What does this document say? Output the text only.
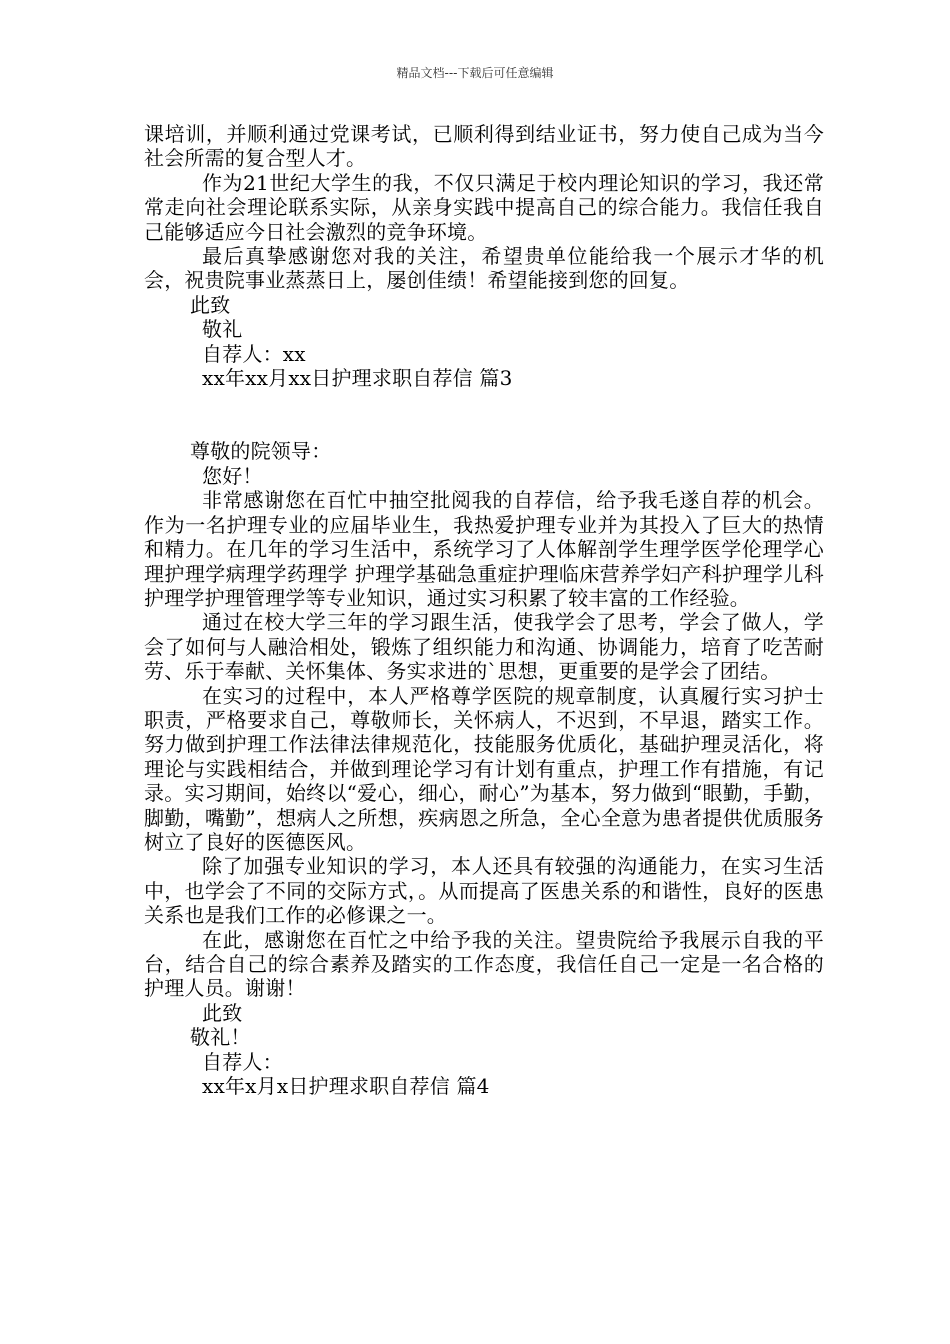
精品文档---下载后可任意编辑

课培训，并顺利通过党课考试，已顺利得到结业证书，努力使自己成为当今社会所需的复合型人才。

作为21世纪大学生的我，不仅只满足于校内理论知识的学习，我还常常走向社会理论联系实际，从亲身实践中提高自己的综合能力。我信任我自己能够适应今日社会激烈的竞争环境。

最后真挚感谢您对我的关注，希望贵单位能给我一个展示才华的机会，祝贵院事业蒸蒸日上，屡创佳绩！希望能接到您的回复。

此致

敬礼

自荐人：xx

xx年xx月xx日护理求职自荐信 篇3

尊敬的院领导：

您好！

非常感谢您在百忙中抽空批阅我的自荐信，给予我毛遂自荐的机会。作为一名护理专业的应届毕业生，我热爱护理专业并为其投入了巨大的热情和精力。在几年的学习生活中，系统学习了人体解剖学生理学医学伦理学心理护理学病理学药理学 护理学基础急重症护理临床营养学妇产科护理学儿科护理学护理管理学等专业知识，通过实习积累了较丰富的工作经验。

通过在校大学三年的学习跟生活，使我学会了思考，学会了做人，学会了如何与人融洽相处，锻炼了组织能力和沟通、协调能力，培育了吃苦耐劳、乐于奉献、关怀集体、务实求进的`思想，更重要的是学会了团结。

在实习的过程中，本人严格尊学医院的规章制度，认真履行实习护士职责，严格要求自己，尊敬师长，关怀病人，不迟到，不早退，踏实工作。努力做到护理工作法律法律规范化，技能服务优质化，基础护理灵活化，将理论与实践相结合，并做到理论学习有计划有重点，护理工作有措施，有记录。实习期间，始终以“爱心，细心，耐心”为基本，努力做到“眼勤，手勤，脚勤，嘴勤”，想病人之所想，疾病恩之所急，全心全意为患者提供优质服务树立了良好的医德医风。

除了加强专业知识的学习，本人还具有较强的沟通能力，在实习生活中，也学会了不同的交际方式，。从而提高了医患关系的和谐性，良好的医患关系也是我们工作的必修课之一。

在此，感谢您在百忙之中给予我的关注。望贵院给予我展示自我的平台，结合自己的综合素养及踏实的工作态度，我信任自己一定是一名合格的护理人员。谢谢！

此致

敬礼！

自荐人：

xx年x月x日护理求职自荐信 篇4
